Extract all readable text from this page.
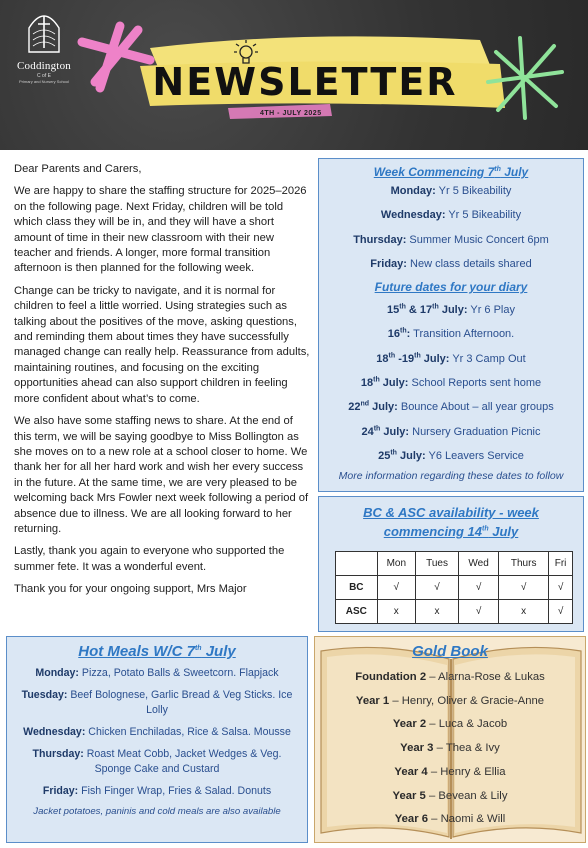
Coddington
C of E
Primary and Nursery School NEWSLETTER
4TH - JULY 2025

Dear Parents and Carers,

We are happy to share the staffing structure for 2025–2026 on the following page. Next Friday, children will be told which class they will be in, and they will have a short amount of time in their new classroom with their new teacher and friends. A longer, more formal transition afternoon is then planned for the following week.

Change can be tricky to navigate, and it is normal for children to feel a little worried. Using strategies such as talking about the positives of the move, asking questions, and reminding them about times they have successfully managed change can really help. Reassurance from adults, maintaining routines, and focusing on the exciting opportunities ahead can also support children in feeling more confident about what’s to come.

We also have some staffing news to share. At the end of this term, we will be saying goodbye to Miss Bollington as she moves on to a new role at a school closer to home. We thank her for all her hard work and wish her every success in the future. At the same time, we are very pleased to be welcoming back Mrs Fowler next week following a period of absence due to illness. We are all looking forward to her returning.

Lastly, thank you again to everyone who supported the summer fete. It was a wonderful event.

Thank you for your ongoing support, Mrs Major

Week Commencing 7th July
Monday: Yr 5 Bikeability
Wednesday: Yr 5 Bikeability
Thursday: Summer Music Concert 6pm
Friday: New class details shared
Future dates for your diary
15th & 17th July: Yr 6 Play
16th: Transition Afternoon.
18th -19th July: Yr 3 Camp Out
18th July: School Reports sent home
22nd July: Bounce About – all year groups
24th July: Nursery Graduation Picnic
25th July: Y6 Leavers Service
More information regarding these dates to follow
BC & ASC availability - week
commencing 14th July
	Mon	Tues	Wed	Thurs	Fri
BC	√	√	√	√	√
ASC	x	x	√	x	√
Hot Meals W/C 7th July
Monday: Pizza, Potato Balls & Sweetcorn. Flapjack
Tuesday: Beef Bolognese, Garlic Bread & Veg Sticks. Ice Lolly
Wednesday: Chicken Enchiladas, Rice & Salsa. Mousse
Thursday: Roast Meat Cobb, Jacket Wedges & Veg. Sponge Cake and Custard
Friday: Fish Finger Wrap, Fries & Salad. Donuts
Jacket potatoes, paninis and cold meals are also available
Gold Book
Foundation 2 – Alarna-Rose & Lukas
Year 1 – Henry, Oliver & Gracie-Anne
Year 2 – Luca & Jacob
Year 3 – Thea & Ivy
Year 4 – Henry & Ellia
Year 5 – Bevean & Lily
Year 6 – Naomi & Will
